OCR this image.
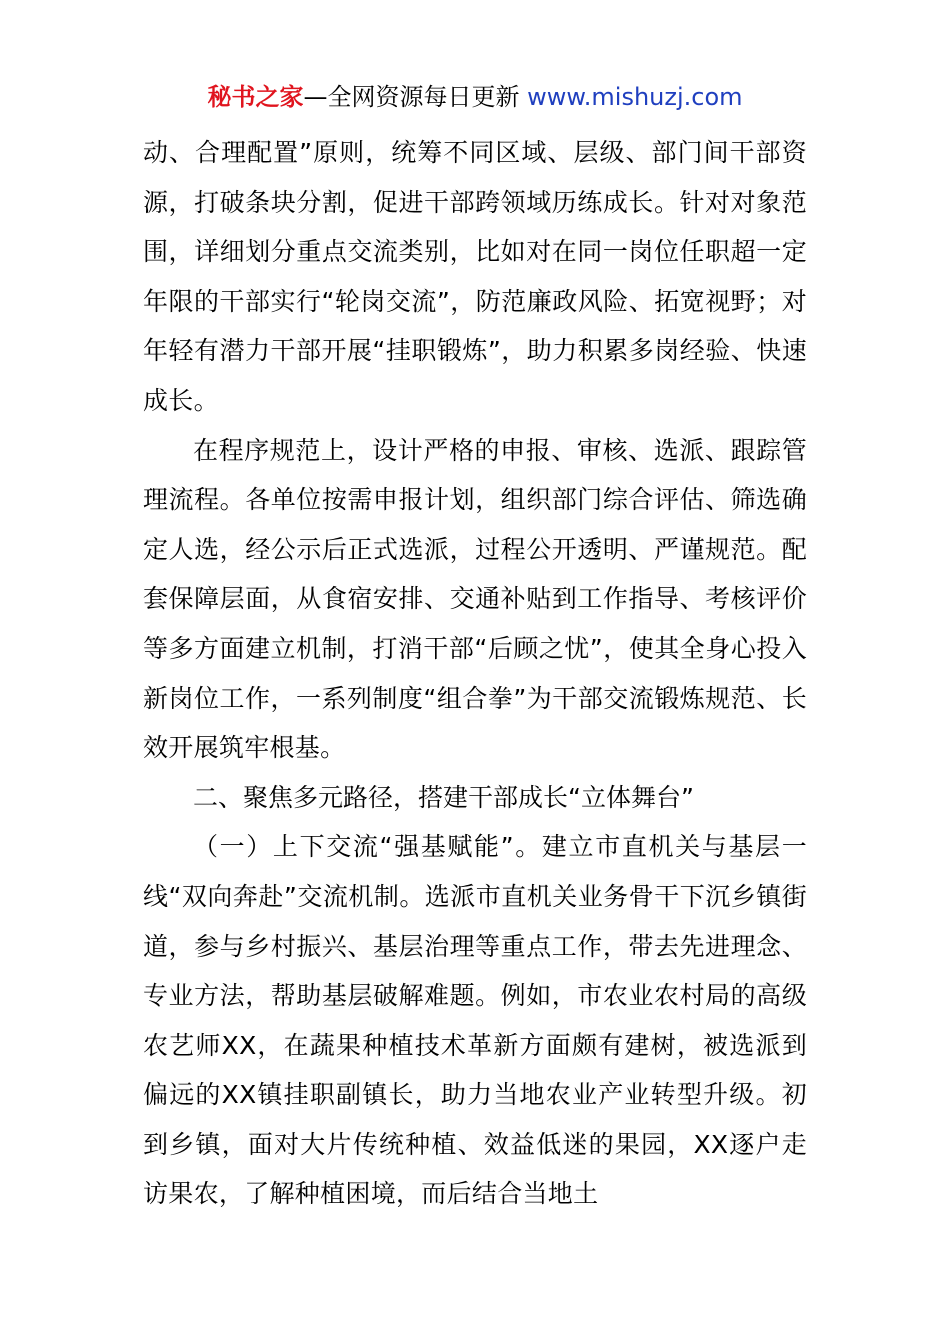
秘书之家—全网资源每日更新 www.mishuzj.com

动、合理配置”原则，统筹不同区域、层级、部门间干部资源，打破条块分割，促进干部跨领域历练成长。针对对象范围，详细划分重点交流类别，比如对在同一岗位任职超一定年限的干部实行“轮岗交流”，防范廉政风险、拓宽视野；对年轻有潜力干部开展“挂职锻炼”，助力积累多岗经验、快速成长。

在程序规范上，设计严格的申报、审核、选派、跟踪管理流程。各单位按需申报计划，组织部门综合评估、筛选确定人选，经公示后正式选派，过程公开透明、严谨规范。配套保障层面，从食宿安排、交通补贴到工作指导、考核评价等多方面建立机制，打消干部“后顾之忧”，使其全身心投入新岗位工作，一系列制度“组合拳”为干部交流锻炼规范、长效开展筑牢根基。

二、聚焦多元路径，搭建干部成长“立体舞台”

（一）上下交流“强基赋能”。建立市直机关与基层一线“双向奔赴”交流机制。选派市直机关业务骨干下沉乡镇街道，参与乡村振兴、基层治理等重点工作，带去先进理念、专业方法，帮助基层破解难题。例如，市农业农村局的高级农艺师XX，在蔬果种植技术革新方面颇有建树，被选派到偏远的XX镇挂职副镇长，助力当地农业产业转型升级。初到乡镇，面对大片传统种植、效益低迷的果园，XX逐户走访果农，了解种植困境，而后结合当地土
